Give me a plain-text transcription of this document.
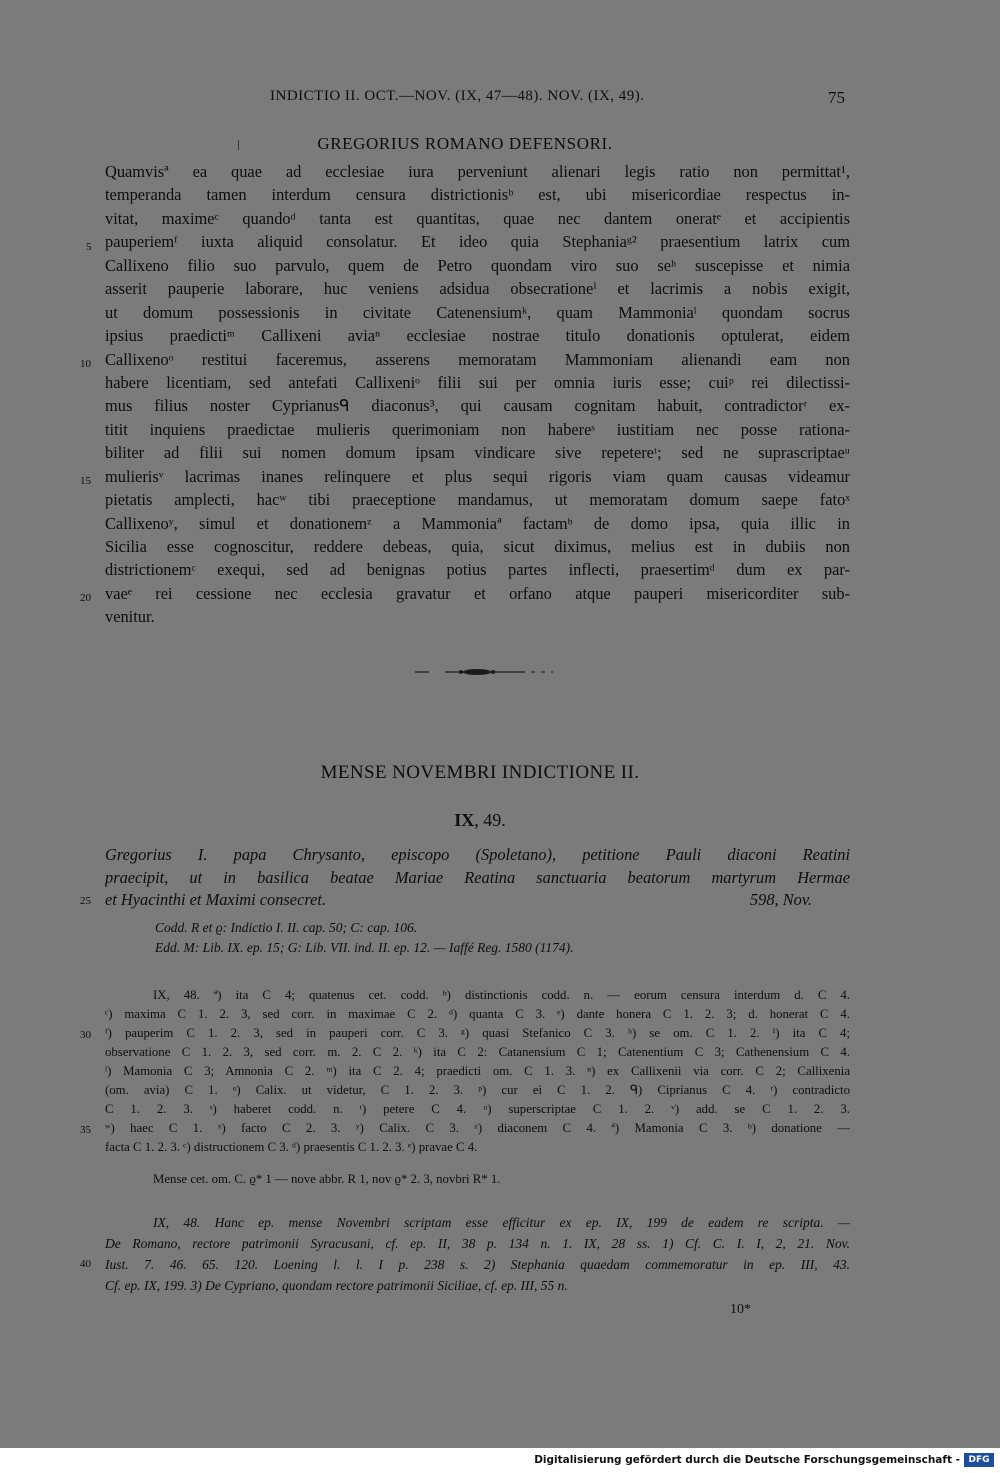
INDICTIO II. OCT.—NOV. (IX, 47—48). NOV. (IX, 49).	75
GREGORIUS ROMANO DEFENSORI.
Quamvisª ea quae ad ecclesiae iura perveniunt alienari legis ratio non permittat¹,
temperanda tamen interdum censura districtionisᵇ est, ubi misericordiae respectus in-
vitat, maximeᶜ quandoᵈ tanta est quantitas, quae nec dantem oneratᵉ et accipientis
pauperiemᶠ iuxta aliquid consolatur. Et ideo quia Stephaniaᵍ² praesentium latrix cum
Callixeno filio suo parvulo, quem de Petro quondam viro suo seʰ suscepisse et nimia
asserit pauperie laborare, huc veniens adsidua obsecrationeⁱ et lacrimis a nobis exigit,
ut domum possessionis in civitate Catenensiumᵏ, quam Mammoniaˡ quondam socrus
ipsius praedictiᵐ Callixeni aviaⁿ ecclesiae nostrae titulo donationis optulerat, eidem
Callixenoᵒ restitui faceremus, asserens memoratam Mammoniam alienandi eam non
habere licentiam, sed antefati Callixeniᵒ filii sui per omnia iuris esse; cuiᵖ rei dilectissi-
mus filius noster Cyprianusᑫ diaconus³, qui causam cognitam habuit, contradictorʳ ex-
titit inquiens praedictae mulieris querimoniam non habereˢ iustitiam nec posse rationa-
biliter ad filii sui nomen domum ipsam vindicare sive repetereᵗ; sed ne suprascriptaeᵘ
mulierisᵛ lacrimas inanes relinquere et plus sequi rigoris viam quam causas videamur
pietatis amplecti, hacʷ tibi praeceptione mandamus, ut memoratam domum saepe fatoˣ
Callixenoʸ, simul et donationemᶻ a Mammoniaª factamᵇ de domo ipsa, quia illic in
Sicilia esse cognoscitur, reddere debeas, quia, sicut diximus, melius est in dubiis non
districtionemᶜ exequi, sed ad benignas potius partes inflecti, praesertimᵈ dum ex par-
vaeᵉ rei cessione nec ecclesia gravatur et orfano atque pauperi misericorditer sub-
venitur.
5
10
15
20
25
30
35
40
MENSE NOVEMBRI INDICTIONE II.
IX, 49.
Gregorius I. papa Chrysanto, episcopo (Spoletano), petitione Pauli diaconi Reatini
praecipit, ut in basilica beatae Mariae Reatina sanctuaria beatorum martyrum Hermae
et Hyacinthi et Maximi consecret.	598, Nov.
Codd. R et ϱ: Indictio I. II. cap. 50; C: cap. 106.
Edd. M: Lib. IX. ep. 15; G: Lib. VII. ind. II. ep. 12. — Iaffé Reg. 1580 (1174).
IX, 48. ª) ita C 4; quatenus cet. codd. ᵇ) distinctionis codd. n. — eorum censura interdum d. C 4.
ᶜ) maxima C 1. 2. 3, sed corr. in maximae C 2. ᵈ) quanta C 3. ᵉ) dante honera C 1. 2. 3; d. honerat C 4.
ᶠ) pauperim C 1. 2. 3, sed in pauperi corr. C 3. ᵍ) quasi Stefanico C 3. ʰ) se om. C 1. 2. ⁱ) ita C 4;
observatione C 1. 2. 3, sed corr. m. 2. C 2. ᵏ) ita C 2: Catanensium C 1; Catenentium C 3; Cathenensium C 4.
ˡ) Mamonia C 3; Amnonia C 2. ᵐ) ita C 2. 4; praedicti om. C 1. 3. ⁿ) ex Callixenii via corr. C 2; Callixenia
(om. avia) C 1. ᵒ) Calix. ut videtur, C 1. 2. 3. ᵖ) cur ei C 1. 2. ᑫ) Ciprianus C 4. ʳ) contradicto
C 1. 2. 3. ˢ) haberet codd. n. ᵗ) petere C 4. ᵘ) superscriptae C 1. 2. ᵛ) add. se C 1. 2. 3.
ʷ) haec C 1. ˣ) facto C 2. 3. ʸ) Calix. C 3. ᶻ) diaconem C 4. ª) Mamonia C 3. ᵇ) donatione —
facta C 1. 2. 3. ᶜ) distructionem C 3. ᵈ) praesentis C 1. 2. 3. ᵉ) pravae C 4.
Mense cet. om. C. ϱ* 1 — nove abbr. R 1, nov ϱ* 2. 3, novbri R* 1.
IX, 48. Hanc ep. mense Novembri scriptam esse efficitur ex ep. IX, 199 de eadem re scripta. —
De Romano, rectore patrimonii Syracusani, cf. ep. II, 38 p. 134 n. 1. IX, 28 ss. 1) Cf. C. I. I, 2, 21. Nov.
Iust. 7. 46. 65. 120. Loening l. l. I p. 238 s. 2) Stephania quaedam commemoratur in ep. III, 43.
Cf. ep. IX, 199. 3) De Cypriano, quondam rectore patrimonii Siciliae, cf. ep. III, 55 n.
10*
Digitalisierung gefördert durch die Deutsche Forschungsgemeinschaft - DFG
